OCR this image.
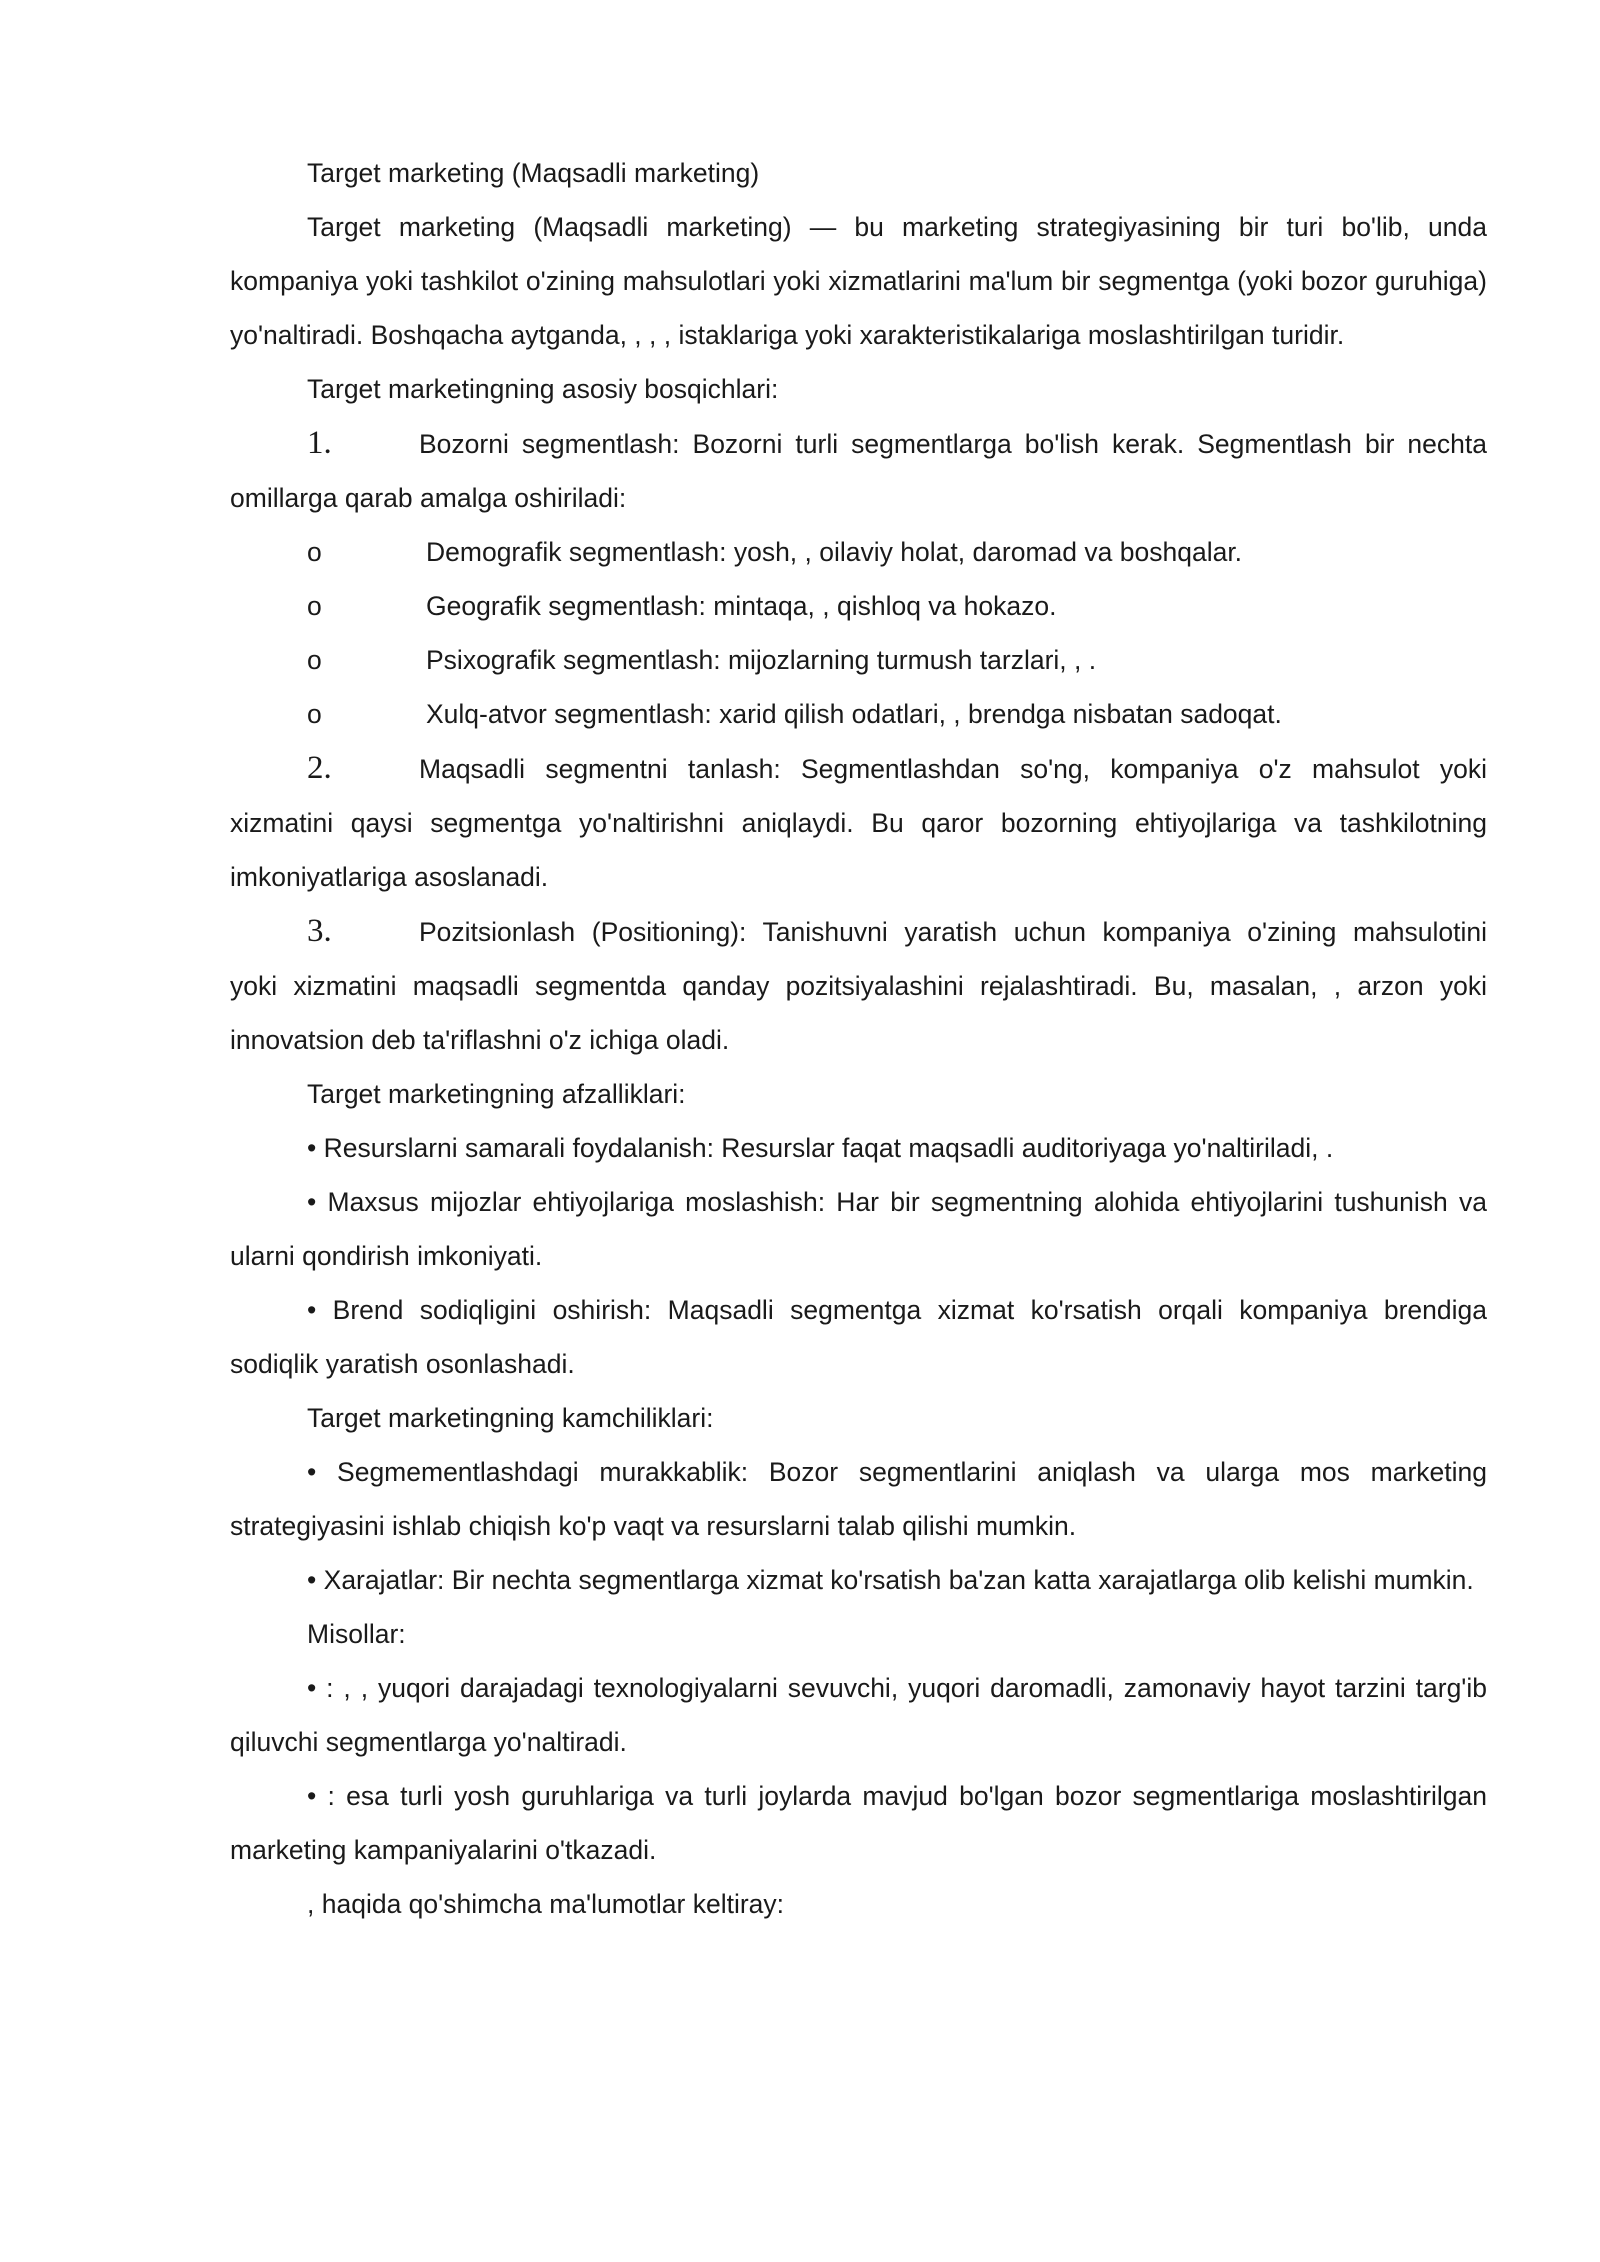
Target marketing (Maqsadli marketing)

Target marketing (Maqsadli marketing) — bu marketing strategiyasining bir turi bo'lib, unda kompaniya yoki tashkilot o'zining mahsulotlari yoki xizmatlarini ma'lum bir segmentga (yoki bozor guruhiga) yo'naltiradi. Boshqacha aytganda, , , , istaklariga yoki xarakteristikalariga moslashtirilgan turidir.

Target marketingning asosiy bosqichlari:

1.	Bozorni segmentlash: Bozorni turli segmentlarga bo'lish kerak. Segmentlash bir nechta

omillarga qarab amalga oshiriladi:

o	Demografik segmentlash: yosh, , oilaviy holat, daromad va boshqalar.
o	Geografik segmentlash: mintaqa, , qishloq va hokazo.
o	Psixografik segmentlash: mijozlarning turmush tarzlari, , .
o	Xulq-atvor segmentlash: xarid qilish odatlari, , brendga nisbatan sadoqat.
2.	Maqsadli segmentni tanlash: Segmentlashdan so'ng, kompaniya o'z mahsulot yoki

xizmatini qaysi segmentga yo'naltirishni aniqlaydi. Bu qaror bozorning ehtiyojlariga va tashkilotning imkoniyatlariga asoslanadi.

3.	Pozitsionlash (Positioning): Tanishuvni yaratish uchun kompaniya o'zining mahsulotini

yoki xizmatini maqsadli segmentda qanday pozitsiyalashini rejalashtiradi. Bu, masalan, , arzon yoki innovatsion deb ta'riflashni o'z ichiga oladi.

Target marketingning afzalliklari:

• Resurslarni samarali foydalanish: Resurslar faqat maqsadli auditoriyaga yo'naltiriladi, .

• Maxsus mijozlar ehtiyojlariga moslashish: Har bir segmentning alohida ehtiyojlarini tushunish va ularni qondirish imkoniyati.

• Brend sodiqligini oshirish: Maqsadli segmentga xizmat ko'rsatish orqali kompaniya brendiga sodiqlik yaratish osonlashadi.

Target marketingning kamchiliklari:

• Segmementlashdagi murakkablik: Bozor segmentlarini aniqlash va ularga mos marketing strategiyasini ishlab chiqish ko'p vaqt va resurslarni talab qilishi mumkin.

• Xarajatlar: Bir nechta segmentlarga xizmat ko'rsatish ba'zan katta xarajatlarga olib kelishi mumkin.

Misollar:

• : , , yuqori darajadagi texnologiyalarni sevuvchi, yuqori daromadli, zamonaviy hayot tarzini targ'ib qiluvchi segmentlarga yo'naltiradi.

• : esa turli yosh guruhlariga va turli joylarda mavjud bo'lgan bozor segmentlariga moslashtirilgan marketing kampaniyalarini o'tkazadi.

, haqida qo'shimcha ma'lumotlar keltiray:
